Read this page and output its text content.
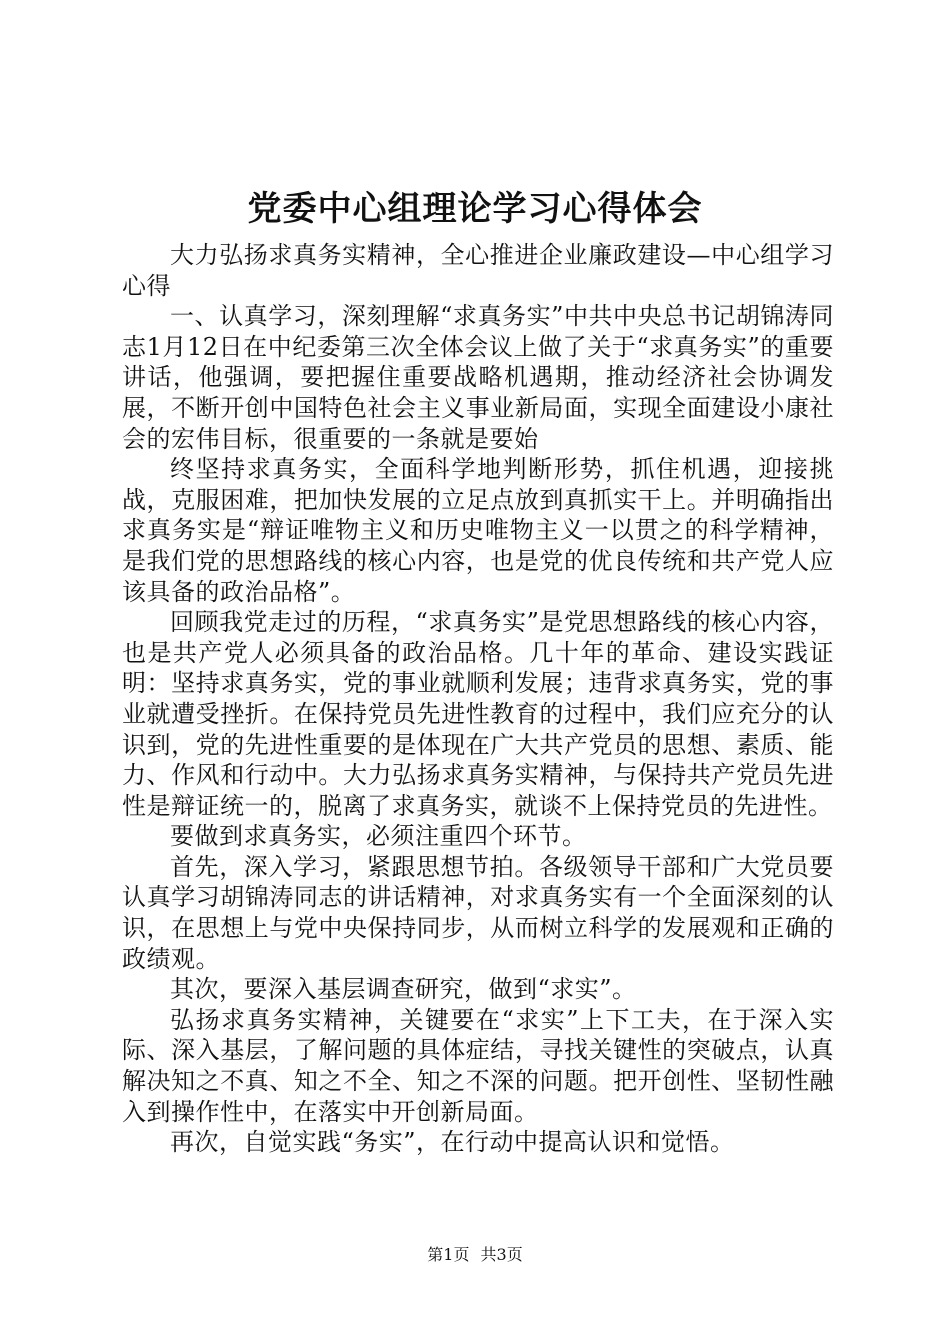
党委中心组理论学习心得体会

大力弘扬求真务实精神，全心推进企业廉政建设—中心组学习心得

一、认真学习，深刻理解“求真务实”中共中央总书记胡锦涛同志1月12日在中纪委第三次全体会议上做了关于“求真务实”的重要讲话，他强调，要把握住重要战略机遇期，推动经济社会协调发展，不断开创中国特色社会主义事业新局面，实现全面建设小康社会的宏伟目标，很重要的一条就是要始

终坚持求真务实，全面科学地判断形势，抓住机遇，迎接挑战，克服困难，把加快发展的立足点放到真抓实干上。并明确指出求真务实是“辩证唯物主义和历史唯物主义一以贯之的科学精神，是我们党的思想路线的核心内容，也是党的优良传统和共产党人应该具备的政治品格”。

回顾我党走过的历程，“求真务实”是党思想路线的核心内容，也是共产党人必须具备的政治品格。几十年的革命、建设实践证明：坚持求真务实，党的事业就顺利发展；违背求真务实，党的事业就遭受挫折。在保持党员先进性教育的过程中，我们应充分的认识到，党的先进性重要的是体现在广大共产党员的思想、素质、能力、作风和行动中。大力弘扬求真务实精神，与保持共产党员先进性是辩证统一的，脱离了求真务实，就谈不上保持党员的先进性。

要做到求真务实，必须注重四个环节。

首先，深入学习，紧跟思想节拍。各级领导干部和广大党员要认真学习胡锦涛同志的讲话精神，对求真务实有一个全面深刻的认识，在思想上与党中央保持同步，从而树立科学的发展观和正确的政绩观。

其次，要深入基层调查研究，做到“求实”。

弘扬求真务实精神，关键要在“求实”上下工夫，在于深入实际、深入基层，了解问题的具体症结，寻找关键性的突破点，认真解决知之不真、知之不全、知之不深的问题。把开创性、坚韧性融入到操作性中，在落实中开创新局面。

再次，自觉实践“务实”，在行动中提高认识和觉悟。

第1页 共3页
